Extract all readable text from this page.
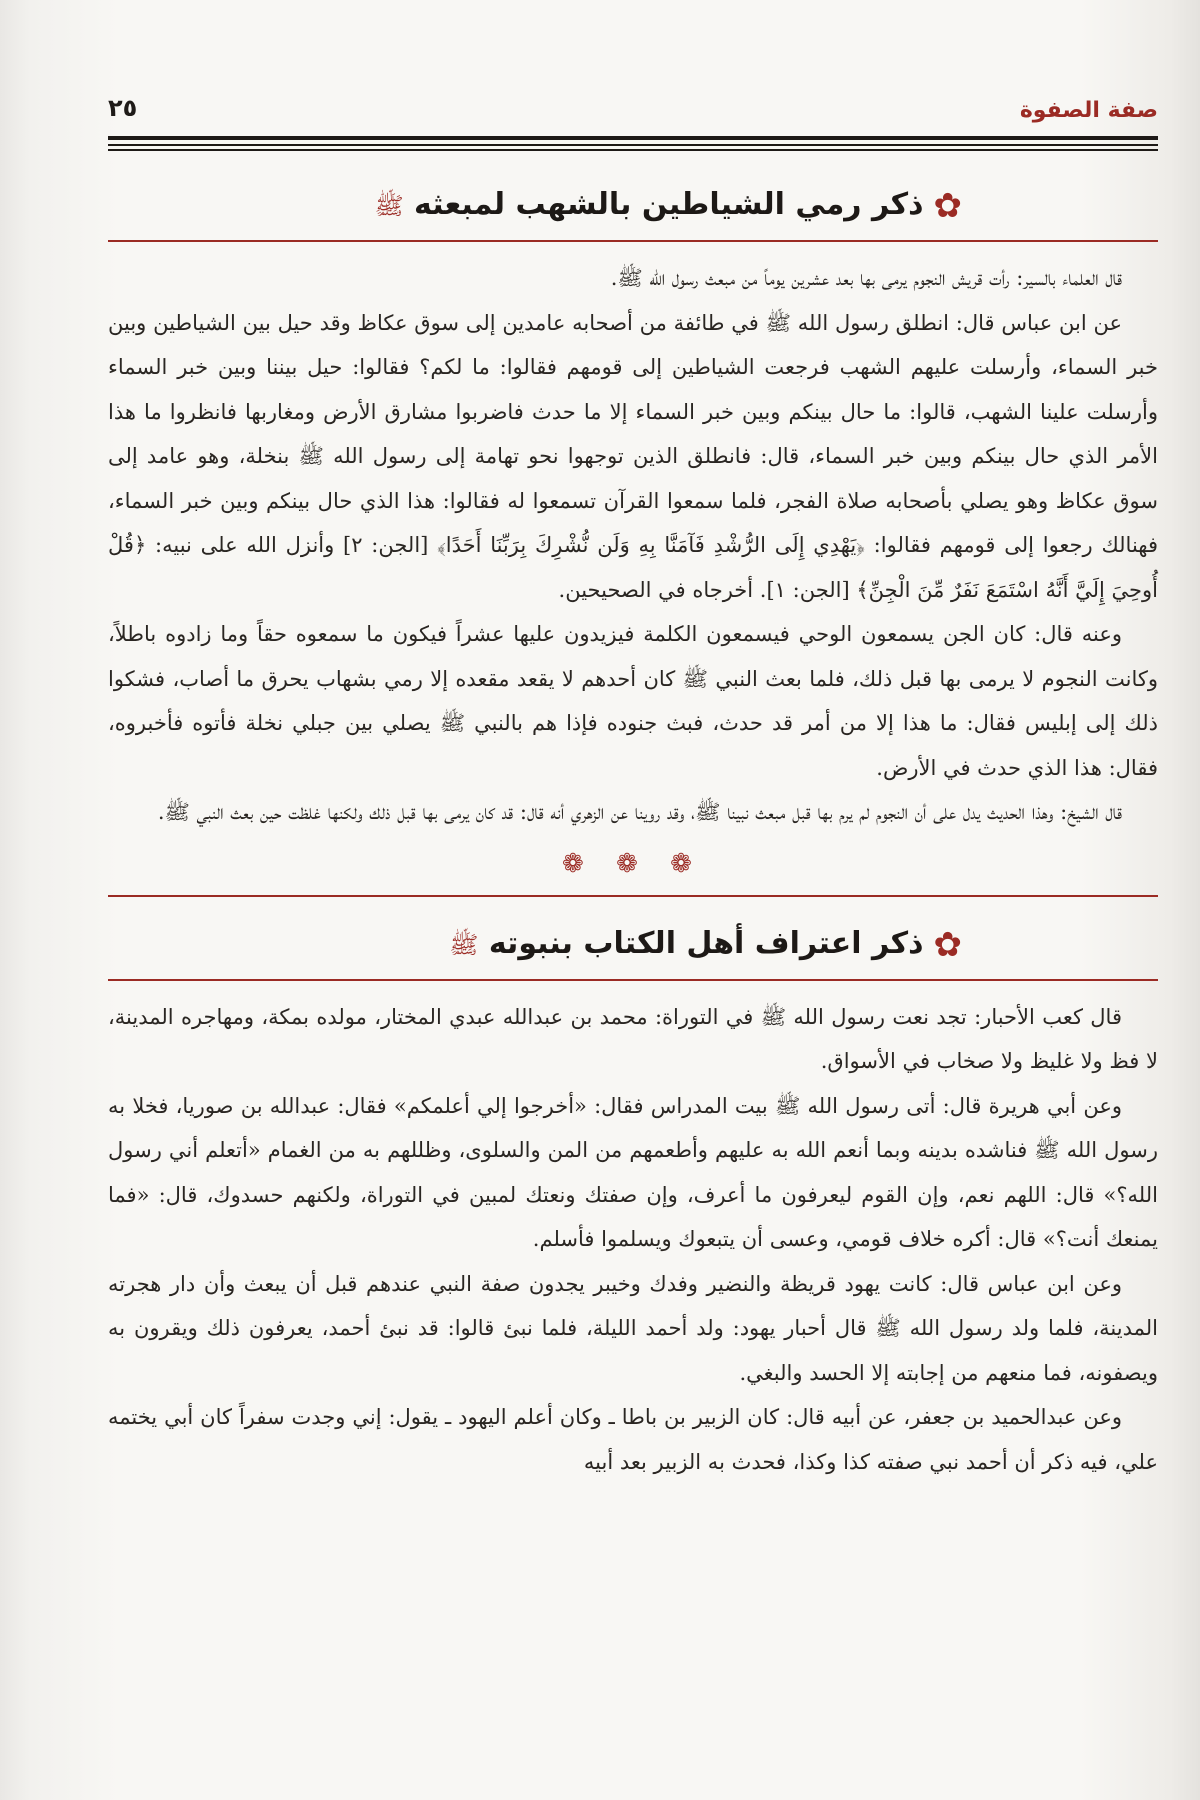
صفة الصفوة
٢٥
✿ذكر رمي الشياطين بالشهب لمبعثه ﷺ

قال العلماء بالسير: رأت قريش النجوم يرمى بها بعد عشرين يوماً من مبعث رسول الله ﷺ.

عن ابن عباس قال: انطلق رسول الله ﷺ في طائفة من أصحابه عامدين إلى سوق عكاظ وقد حيل بين الشياطين وبين خبر السماء، وأرسلت عليهم الشهب فرجعت الشياطين إلى قومهم فقالوا: ما لكم؟ فقالوا: حيل بيننا وبين خبر السماء وأرسلت علينا الشهب، قالوا: ما حال بينكم وبين خبر السماء إلا ما حدث فاضربوا مشارق الأرض ومغاربها فانظروا ما هذا الأمر الذي حال بينكم وبين خبر السماء، قال: فانطلق الذين توجهوا نحو تهامة إلى رسول الله ﷺ بنخلة، وهو عامد إلى سوق عكاظ وهو يصلي بأصحابه صلاة الفجر، فلما سمعوا القرآن تسمعوا له فقالوا: هذا الذي حال بينكم وبين خبر السماء، فهنالك رجعوا إلى قومهم فقالوا: ﴿يَهْدِي إِلَى الرُّشْدِ فَآمَنَّا بِهِ وَلَن نُّشْرِكَ بِرَبِّنَا أَحَدًا﴾ [الجن: ٢] وأنزل الله على نبيه: ﴿قُلْ أُوحِيَ إِلَيَّ أَنَّهُ اسْتَمَعَ نَفَرٌ مِّنَ الْجِنِّ﴾ [الجن: ١]. أخرجاه في الصحيحين.

وعنه قال: كان الجن يسمعون الوحي فيسمعون الكلمة فيزيدون عليها عشراً فيكون ما سمعوه حقاً وما زادوه باطلاً، وكانت النجوم لا يرمى بها قبل ذلك، فلما بعث النبي ﷺ كان أحدهم لا يقعد مقعده إلا رمي بشهاب يحرق ما أصاب، فشكوا ذلك إلى إبليس فقال: ما هذا إلا من أمر قد حدث، فبث جنوده فإذا هم بالنبي ﷺ يصلي بين جبلي نخلة فأتوه فأخبروه، فقال: هذا الذي حدث في الأرض.

قال الشيخ: وهذا الحديث يدل على أن النجوم لم يرم بها قبل مبعث نبينا ﷺ، وقد روينا عن الزهري أنه قال: قد كان يرمى بها قبل ذلك ولكنها غلظت حين بعث النبي ﷺ.

❁ ❁ ❁
✿ذكر اعتراف أهل الكتاب بنبوته ﷺ

قال كعب الأحبار: تجد نعت رسول الله ﷺ في التوراة: محمد بن عبدالله عبدي المختار، مولده بمكة، ومهاجره المدينة، لا فظ ولا غليظ ولا صخاب في الأسواق.

وعن أبي هريرة قال: أتى رسول الله ﷺ بيت المدراس فقال: «أخرجوا إلي أعلمكم» فقال: عبدالله بن صوريا، فخلا به رسول الله ﷺ فناشده بدينه وبما أنعم الله به عليهم وأطعمهم من المن والسلوى، وظللهم به من الغمام «أتعلم أني رسول الله؟» قال: اللهم نعم، وإن القوم ليعرفون ما أعرف، وإن صفتك ونعتك لمبين في التوراة، ولكنهم حسدوك، قال: «فما يمنعك أنت؟» قال: أكره خلاف قومي، وعسى أن يتبعوك ويسلموا فأسلم.

وعن ابن عباس قال: كانت يهود قريظة والنضير وفدك وخيبر يجدون صفة النبي عندهم قبل أن يبعث وأن دار هجرته المدينة، فلما ولد رسول الله ﷺ قال أحبار يهود: ولد أحمد الليلة، فلما نبئ قالوا: قد نبئ أحمد، يعرفون ذلك ويقرون به ويصفونه، فما منعهم من إجابته إلا الحسد والبغي.

وعن عبدالحميد بن جعفر، عن أبيه قال: كان الزبير بن باطا ـ وكان أعلم اليهود ـ يقول: إني وجدت سفراً كان أبي يختمه علي، فيه ذكر أن أحمد نبي صفته كذا وكذا، فحدث به الزبير بعد أبيه
